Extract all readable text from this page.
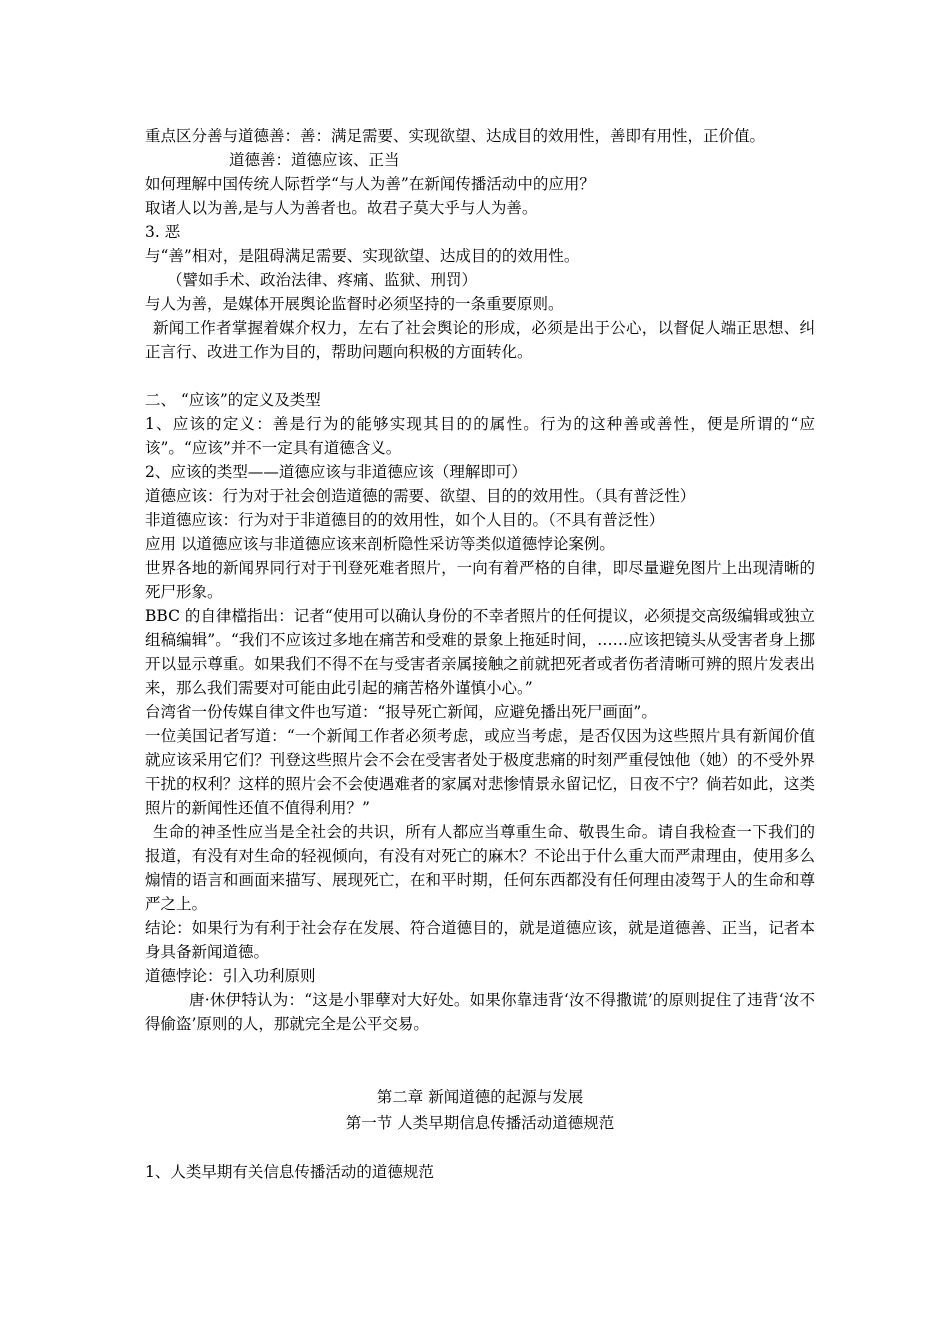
重点区分善与道德善：善：满足需要、实现欲望、达成目的效用性，善即有用性，正价值。
道德善：道德应该、正当
如何理解中国传统人际哲学“与人为善”在新闻传播活动中的应用？
取诸人以为善,是与人为善者也。故君子莫大乎与人为善。
3. 恶
与“善”相对，是阻碍满足需要、实现欲望、达成目的的效用性。
（譬如手术、政治法律、疼痛、监狱、刑罚）
与人为善，是媒体开展舆论监督时必须坚持的一条重要原则。
新闻工作者掌握着媒介权力，左右了社会舆论的形成，必须是出于公心，以督促人端正思想、纠正言行、改进工作为目的，帮助问题向积极的方面转化。
二、 “应该”的定义及类型
1、应该的定义：善是行为的能够实现其目的的属性。行为的这种善或善性，便是所谓的“应该”。“应该”并不一定具有道德含义。
2、应该的类型——道德应该与非道德应该（理解即可）
道德应该：行为对于社会创造道德的需要、欲望、目的的效用性。（具有普泛性）
非道德应该：行为对于非道德目的的效用性，如个人目的。（不具有普泛性）
应用 以道德应该与非道德应该来剖析隐性采访等类似道德悖论案例。
世界各地的新闻界同行对于刊登死难者照片，一向有着严格的自律，即尽量避免图片上出现清晰的死尸形象。
BBC 的自律檔指出：记者“使用可以确认身份的不幸者照片的任何提议，必须提交高级编辑或独立组稿编辑”。“我们不应该过多地在痛苦和受难的景象上拖延时间，……应该把镜头从受害者身上挪开以显示尊重。如果我们不得不在与受害者亲属接触之前就把死者或者伤者清晰可辨的照片发表出来，那么我们需要对可能由此引起的痛苦格外谨慎小心。”
台湾省一份传媒自律文件也写道：“报导死亡新闻，应避免播出死尸画面”。
一位美国记者写道：“一个新闻工作者必须考虑，或应当考虑，是否仅因为这些照片具有新闻价值就应该采用它们？刊登这些照片会不会在受害者处于极度悲痛的时刻严重侵蚀他（她）的不受外界干扰的权利？这样的照片会不会使遇难者的家属对悲惨情景永留记忆，日夜不宁？倘若如此，这类照片的新闻性还值不值得利用？”
生命的神圣性应当是全社会的共识，所有人都应当尊重生命、敬畏生命。请自我检查一下我们的报道，有没有对生命的轻视倾向，有没有对死亡的麻木？不论出于什么重大而严肃理由，使用多么煽情的语言和画面来描写、展现死亡，在和平时期，任何东西都没有任何理由凌驾于人的生命和尊严之上。
结论：如果行为有利于社会存在发展、符合道德目的，就是道德应该，就是道德善、正当，记者本身具备新闻道德。
道德悖论：引入功利原则
唐·休伊特认为：“这是小罪孽对大好处。如果你靠违背‘汝不得撒谎’的原则捉住了违背‘汝不得偷盗’原则的人，那就完全是公平交易。
第二章 新闻道德的起源与发展
第一节 人类早期信息传播活动道德规范
1、人类早期有关信息传播活动的道德规范
